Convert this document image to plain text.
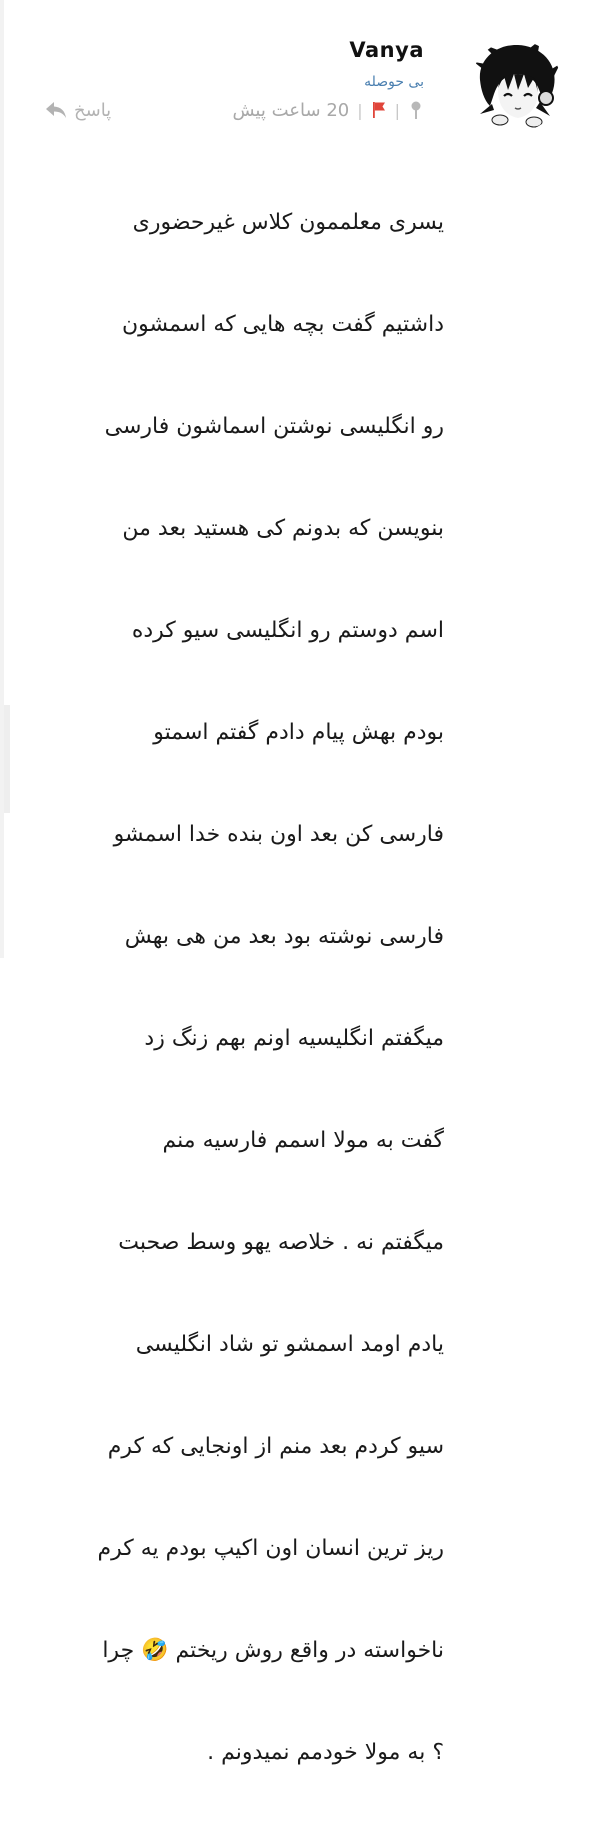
Vanya
بی حوصله
پاسخ	20 ساعت پیش | |

یسری معلممون کلاس غیرحضوری

داشتیم گفت بچه هایی که اسمشون

رو انگلیسی نوشتن اسماشون فارسی

بنویسن که بدونم کی هستید بعد من

اسم دوستم رو انگلیسی سیو کرده

بودم بهش پیام دادم گفتم اسمتو

فارسی کن بعد اون بنده خدا اسمشو

فارسی نوشته بود بعد من هی بهش

میگفتم انگلیسیه اونم بهم زنگ زد

گفت به مولا اسمم فارسیه منم

میگفتم نه . خلاصه یهو وسط صحبت

یادم اومد اسمشو تو شاد انگلیسی

سیو کردم بعد منم از اونجایی که کرم

ریز ترین انسان اون اکیپ بودم یه کرم

ناخواسته در واقع روش ریختم 🤣 چرا

؟ به مولا خودمم نمیدونم .
